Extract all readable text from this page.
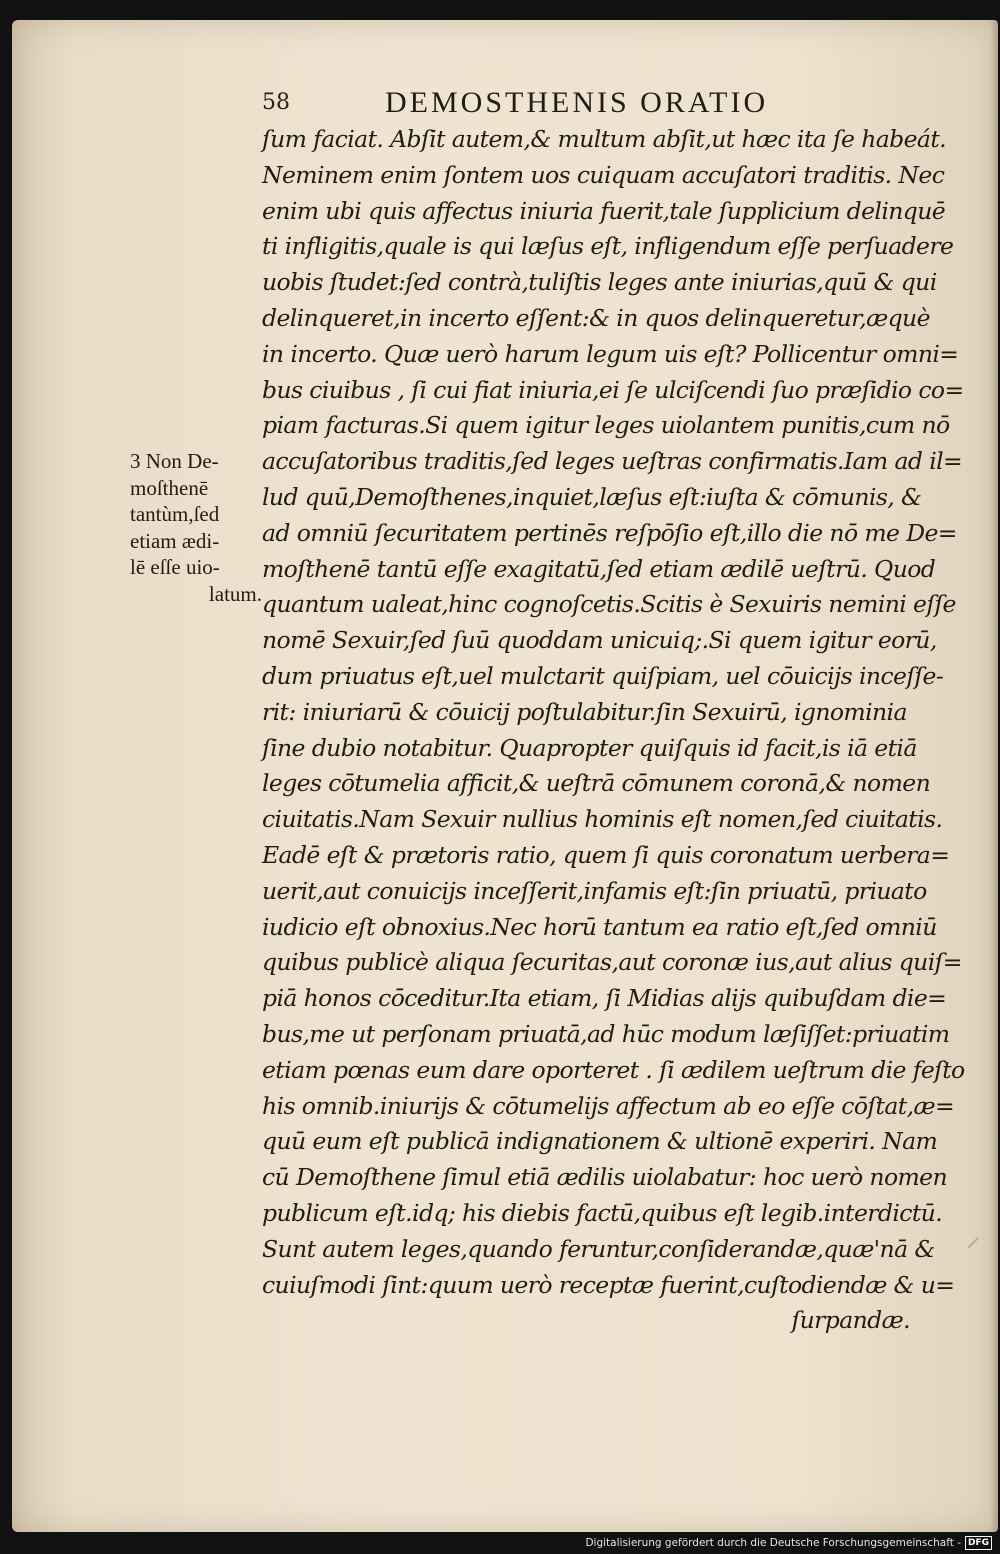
58	DEMOSTHENIS ORATIO
ſum faciat. Abſit autem,& multum abſit,ut hæc ita ſe habeát.
Neminem enim ſontem uos cuiquam accuſatori traditis. Nec
enim ubi quis affectus iniuria fuerit,tale ſupplicium delinquē
ti infligitis,quale is qui læſus eſt, infligendum eſſe perſuadere
uobis ſtudet:ſed contrà,tuliſtis leges ante iniurias,quū & qui
delinqueret,in incerto eſſent:& in quos delinqueretur,æquè
in incerto. Quæ uerò harum legum uis eſt? Pollicentur omni=
bus ciuibus , ſi cui fiat iniuria,ei ſe ulciſcendi ſuo præſidio co=
piam facturas.Si quem igitur leges uiolantem punitis,cum nō
accuſatoribus traditis,ſed leges ueſtras confirmatis.Iam ad il=
lud quū,Demoſthenes,inquiet,læſus eſt:iuſta & cōmunis, &
ad omniū ſecuritatem pertinēs reſpōſio eſt,illo die nō me De=
moſthenē tantū eſſe exagitatū,ſed etiam ædilē ueſtrū. Quod
quantum ualeat,hinc cognoſcetis.Scitis è Sexuiris nemini eſſe
nomē Sexuir,ſed ſuū quoddam unicuiq;.Si quem igitur eorū,
dum priuatus eſt,uel mulctarit quiſpiam, uel cōuicijs inceſſe-
rit: iniuriarū & cōuicij poſtulabitur.ſin Sexuirū, ignominia
ſine dubio notabitur. Quapropter quiſquis id facit,is iā etiā
leges cōtumelia afficit,& ueſtrā cōmunem coronā,& nomen
ciuitatis.Nam Sexuir nullius hominis eſt nomen,ſed ciuitatis.
Eadē eſt & prætoris ratio, quem ſi quis coronatum uerbera=
uerit,aut conuicijs inceſſerit,infamis eſt:ſin priuatū, priuato
iudicio eſt obnoxius.Nec horū tantum ea ratio eſt,ſed omniū
quibus publicè aliqua ſecuritas,aut coronæ ius,aut alius quiſ=
piā honos cōceditur.Ita etiam, ſi Midias alijs quibuſdam die=
bus,me ut perſonam priuatā,ad hūc modum læſiſſet:priuatim
etiam pœnas eum dare oporteret . ſi ædilem ueſtrum die feſto
his omnib.iniurijs & cōtumelijs affectum ab eo eſſe cōſtat,æ=
quū eum eſt publicā indignationem & ultionē experiri. Nam
cū Demoſthene ſimul etiā ædilis uiolabatur: hoc uerò nomen
publicum eſt.idq; his diebis factū,quibus eſt legib.interdictū.
Sunt autem leges,quando feruntur,conſiderandæ,quæ'nā &
cuiuſmodi ſint:quum uerò receptæ fuerint,cuſtodiendæ & u=
ſurpandæ.
3 Non De-
moſthenē
tantùm,ſed
etiam ædi-
lē eſſe uio-
latum.
Digitalisierung gefördert durch die Deutsche Forschungsgemeinschaft - DFG
